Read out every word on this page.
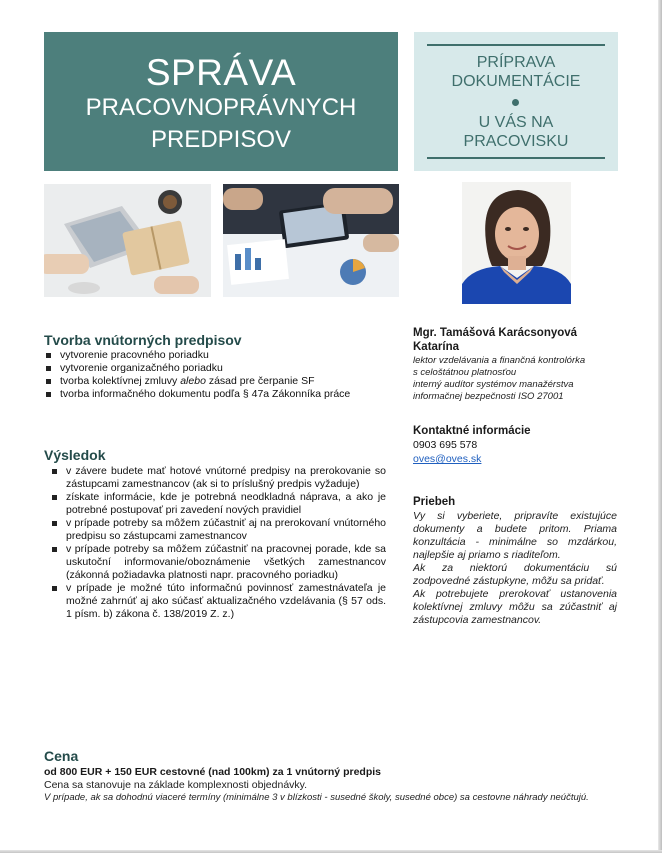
SPRÁVA
PRACOVNOPRÁVNYCH
PREDPISOV
PRÍPRAVA
DOKUMENTÁCIE
U VÁS NA
PRACOVISKU
Tvorba vnútorných predpisov
vytvorenie pracovného poriadku
vytvorenie organizačného poriadku
tvorba kolektívnej zmluvy alebo zásad pre čerpanie SF
tvorba informačného dokumentu podľa § 47a Zákonníka práce
Výsledok
v závere budete mať hotové vnútorné predpisy na prerokovanie so zástupcami zamestnancov (ak si to príslušný predpis vyžaduje)
získate informácie, kde je potrebná neodkladná náprava, a ako je potrebné postupovať pri zavedení nových pravidiel
v prípade potreby sa môžem zúčastniť aj na prerokovaní vnútorného predpisu so zástupcami zamestnancov
v prípade potreby sa môžem zúčastniť na pracovnej porade, kde sa uskutoční informovanie/oboznámenie všetkých zamestnancov (zákonná požiadavka platnosti napr. pracovného poriadku)
v prípade je možné túto informačnú povinnosť zamestnávateľa je možné zahrnúť aj ako súčasť aktualizačného vzdelávania (§ 57 ods. 1 písm. b) zákona č. 138/2019 Z. z.)
Mgr. Tamášová Karácsonyová Katarína
lektor vzdelávania a finančná kontrolórka
s celoštátnou platnosťou
interný audítor systémov manažérstva
informačnej bezpečnosti ISO 27001
Kontaktné informácie
0903 695 578
oves@oves.sk
Priebeh

Vy si vyberiete, pripravíte existujúce dokumenty a budete pritom. Priama konzultácia - minimálne so mzdárkou, najlepšie aj priamo s riaditeľom.

Ak za niektorú dokumentáciu sú zodpovedné zástupkyne, môžu sa pridať.

Ak potrebujete prerokovať ustanovenia kolektívnej zmluvy môžu sa zúčastniť aj zástupcovia zamestnancov.

Cena
od 800 EUR + 150 EUR cestovné (nad 100km) za 1 vnútorný predpis
Cena sa stanovuje na základe komplexnosti objednávky.
V prípade, ak sa dohodnú viaceré termíny (minimálne 3 v blízkosti - susedné školy, susedné obce) sa cestovne náhrady neúčtujú.
